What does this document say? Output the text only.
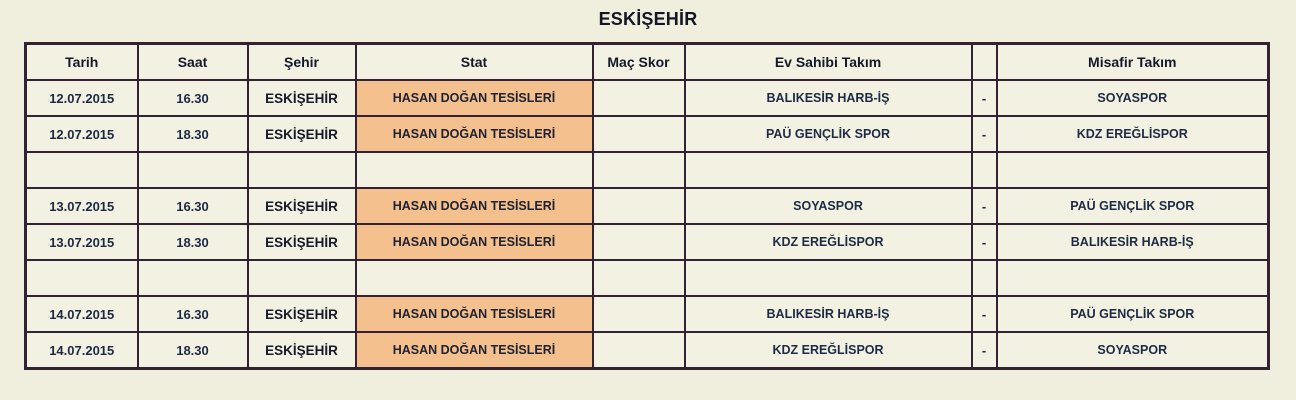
ESKİŞEHİR
Tarih	Saat	Şehir	Stat	Maç Skor	Ev Sahibi Takım		Misafir Takım
12.07.2015	16.30	ESKİŞEHİR	HASAN DOĞAN TESİSLERİ		BALIKESİR HARB-İŞ	-	SOYASPOR
12.07.2015	18.30	ESKİŞEHİR	HASAN DOĞAN TESİSLERİ		PAÜ GENÇLİK SPOR	-	KDZ EREĞLİSPOR

13.07.2015	16.30	ESKİŞEHİR	HASAN DOĞAN TESİSLERİ		SOYASPOR	-	PAÜ GENÇLİK SPOR
13.07.2015	18.30	ESKİŞEHİR	HASAN DOĞAN TESİSLERİ		KDZ EREĞLİSPOR	-	BALIKESİR HARB-İŞ

14.07.2015	16.30	ESKİŞEHİR	HASAN DOĞAN TESİSLERİ		BALIKESİR HARB-İŞ	-	PAÜ GENÇLİK SPOR
14.07.2015	18.30	ESKİŞEHİR	HASAN DOĞAN TESİSLERİ		KDZ EREĞLİSPOR	-	SOYASPOR
